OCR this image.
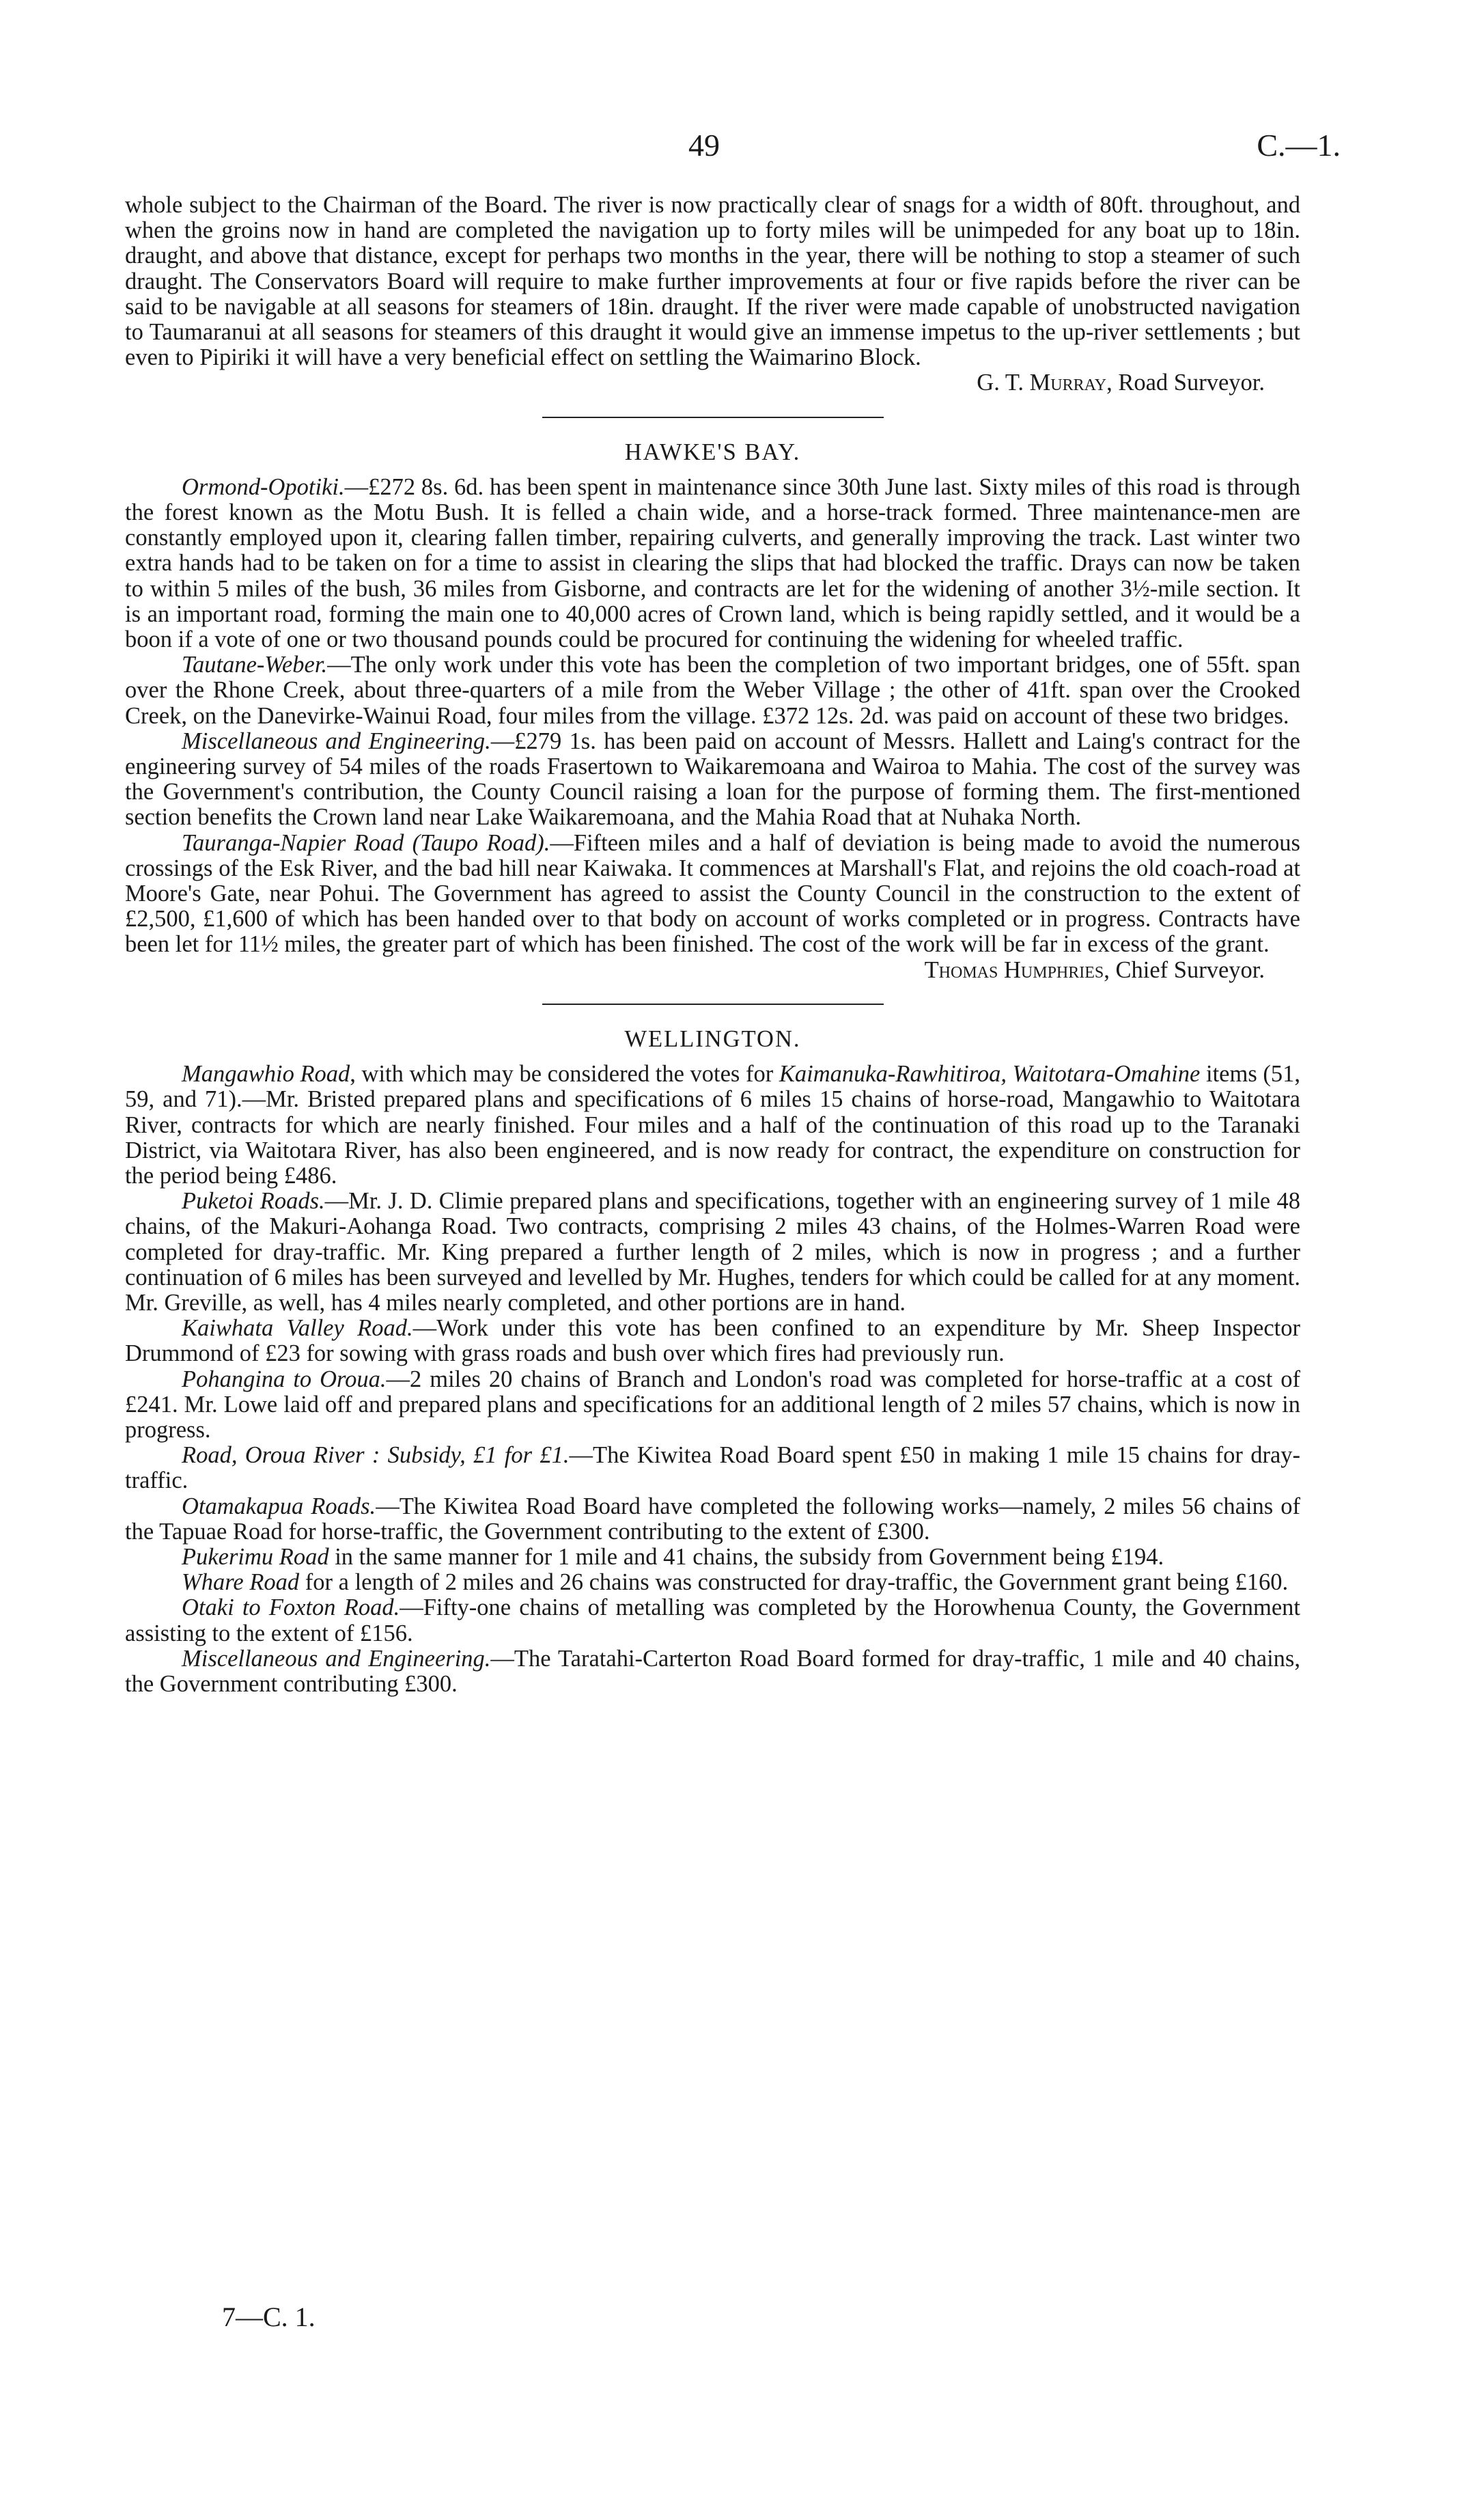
49	C.—1.

whole subject to the Chairman of the Board. The river is now practically clear of snags for a width of 80ft. throughout, and when the groins now in hand are completed the navigation up to forty miles will be unimpeded for any boat up to 18in. draught, and above that distance, except for perhaps two months in the year, there will be nothing to stop a steamer of such draught. The Conservators Board will require to make further improvements at four or five rapids before the river can be said to be navigable at all seasons for steamers of 18in. draught. If the river were made capable of unobstructed navigation to Taumaranui at all seasons for steamers of this draught it would give an immense impetus to the up-river settlements ; but even to Pipiriki it will have a very beneficial effect on settling the Waimarino Block.

G. T. Murray, Road Surveyor.

HAWKE'S BAY.

Ormond-Opotiki.—£272 8s. 6d. has been spent in maintenance since 30th June last. Sixty miles of this road is through the forest known as the Motu Bush. It is felled a chain wide, and a horse-track formed. Three maintenance-men are constantly employed upon it, clearing fallen timber, repairing culverts, and generally improving the track. Last winter two extra hands had to be taken on for a time to assist in clearing the slips that had blocked the traffic. Drays can now be taken to within 5 miles of the bush, 36 miles from Gisborne, and contracts are let for the widening of another 3½-mile section. It is an important road, forming the main one to 40,000 acres of Crown land, which is being rapidly settled, and it would be a boon if a vote of one or two thousand pounds could be procured for continuing the widening for wheeled traffic.

Tautane-Weber.—The only work under this vote has been the completion of two important bridges, one of 55ft. span over the Rhone Creek, about three-quarters of a mile from the Weber Village ; the other of 41ft. span over the Crooked Creek, on the Danevirke-Wainui Road, four miles from the village. £372 12s. 2d. was paid on account of these two bridges.

Miscellaneous and Engineering.—£279 1s. has been paid on account of Messrs. Hallett and Laing's contract for the engineering survey of 54 miles of the roads Frasertown to Waikaremoana and Wairoa to Mahia. The cost of the survey was the Government's contribution, the County Council raising a loan for the purpose of forming them. The first-mentioned section benefits the Crown land near Lake Waikaremoana, and the Mahia Road that at Nuhaka North.

Tauranga-Napier Road (Taupo Road).—Fifteen miles and a half of deviation is being made to avoid the numerous crossings of the Esk River, and the bad hill near Kaiwaka. It commences at Marshall's Flat, and rejoins the old coach-road at Moore's Gate, near Pohui. The Government has agreed to assist the County Council in the construction to the extent of £2,500, £1,600 of which has been handed over to that body on account of works completed or in progress. Contracts have been let for 11½ miles, the greater part of which has been finished. The cost of the work will be far in excess of the grant.

Thomas Humphries, Chief Surveyor.

WELLINGTON.

Mangawhio Road, with which may be considered the votes for Kaimanuka-Rawhitiroa, Waitotara-Omahine items (51, 59, and 71).—Mr. Bristed prepared plans and specifications of 6 miles 15 chains of horse-road, Mangawhio to Waitotara River, contracts for which are nearly finished. Four miles and a half of the continuation of this road up to the Taranaki District, via Waitotara River, has also been engineered, and is now ready for contract, the expenditure on construction for the period being £486.

Puketoi Roads.—Mr. J. D. Climie prepared plans and specifications, together with an engineering survey of 1 mile 48 chains, of the Makuri-Aohanga Road. Two contracts, comprising 2 miles 43 chains, of the Holmes-Warren Road were completed for dray-traffic. Mr. King prepared a further length of 2 miles, which is now in progress ; and a further continuation of 6 miles has been surveyed and levelled by Mr. Hughes, tenders for which could be called for at any moment. Mr. Greville, as well, has 4 miles nearly completed, and other portions are in hand.

Kaiwhata Valley Road.—Work under this vote has been confined to an expenditure by Mr. Sheep Inspector Drummond of £23 for sowing with grass roads and bush over which fires had previously run.

Pohangina to Oroua.—2 miles 20 chains of Branch and London's road was completed for horse-traffic at a cost of £241. Mr. Lowe laid off and prepared plans and specifications for an additional length of 2 miles 57 chains, which is now in progress.

Road, Oroua River : Subsidy, £1 for £1.—The Kiwitea Road Board spent £50 in making 1 mile 15 chains for dray-traffic.

Otamakapua Roads.—The Kiwitea Road Board have completed the following works—namely, 2 miles 56 chains of the Tapuae Road for horse-traffic, the Government contributing to the extent of £300.

Pukerimu Road in the same manner for 1 mile and 41 chains, the subsidy from Government being £194.

Whare Road for a length of 2 miles and 26 chains was constructed for dray-traffic, the Government grant being £160.

Otaki to Foxton Road.—Fifty-one chains of metalling was completed by the Horowhenua County, the Government assisting to the extent of £156.

Miscellaneous and Engineering.—The Taratahi-Carterton Road Board formed for dray-traffic, 1 mile and 40 chains, the Government contributing £300.

7—C. 1.
